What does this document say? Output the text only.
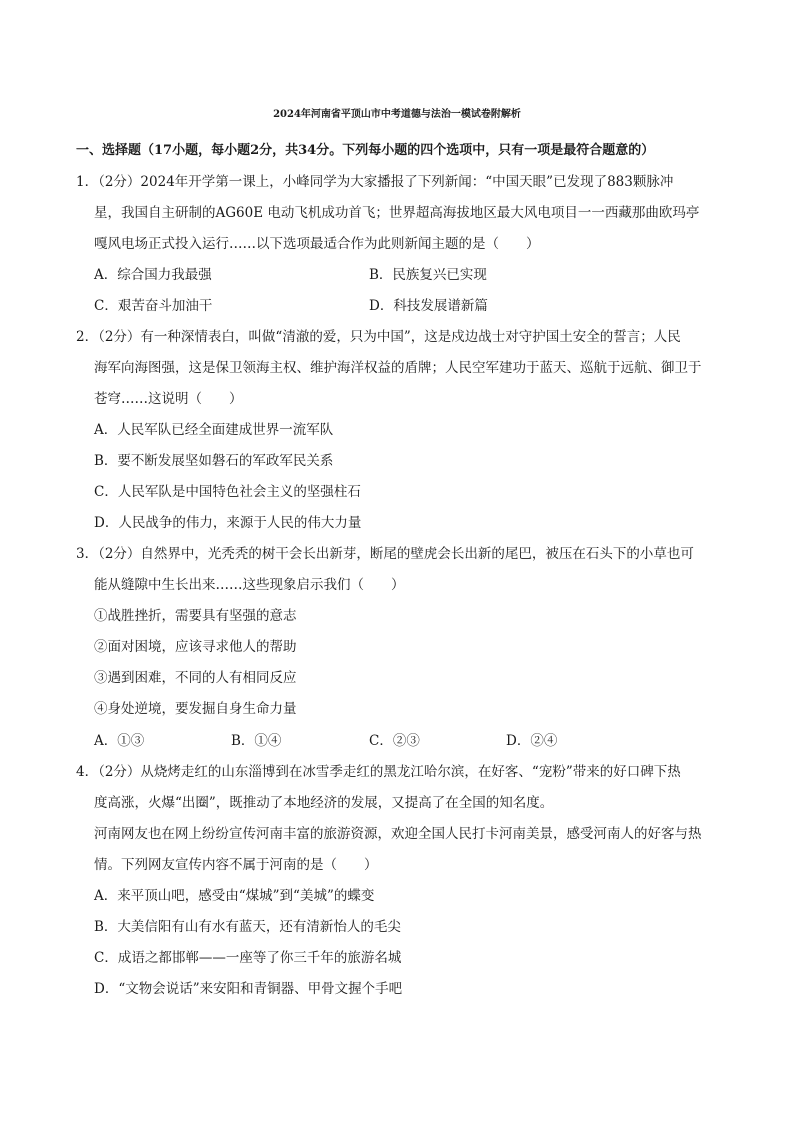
2024年河南省平顶山市中考道德与法治一模试卷附解析
一、选择题（17小题，每小题2分，共34分。下列每小题的四个选项中，只有一项是最符合题意的）
1．（2分）2024年开学第一课上，小峰同学为大家播报了下列新闻：“中国天眼”已发现了883颗脉冲
星，我国自主研制的AG60E 电动飞机成功首飞；世界超高海拔地区最大风电项目一一西藏那曲欧玛亭
嘎风电场正式投入运行……以下选项最适合作为此则新闻主题的是（　　）
A．综合国力我最强	B．民族复兴已实现
C．艰苦奋斗加油干	D．科技发展谱新篇
2．（2分）有一种深情表白，叫做“清澈的爱，只为中国”，这是戍边战士对守护国土安全的誓言；人民
海军向海图强，这是保卫领海主权、维护海洋权益的盾牌；人民空军建功于蓝天、巡航于远航、御卫于
苍穹……这说明（　　）
A．人民军队已经全面建成世界一流军队
B．要不断发展坚如磐石的军政军民关系
C．人民军队是中国特色社会主义的坚强柱石
D．人民战争的伟力，来源于人民的伟大力量
3．（2分）自然界中，光秃秃的树干会长出新芽，断尾的壁虎会长出新的尾巴，被压在石头下的小草也可
能从缝隙中生长出来……这些现象启示我们（　　）
①战胜挫折，需要具有坚强的意志
②面对困境，应该寻求他人的帮助
③遇到困难，不同的人有相同反应
④身处逆境，要发掘自身生命力量
A．①③	B．①④	C．②③	D．②④
4．（2分）从烧烤走红的山东淄博到在冰雪季走红的黑龙江哈尔滨，在好客、“宠粉”带来的好口碑下热
度高涨，火爆“出圈”，既推动了本地经济的发展，又提高了在全国的知名度。
河南网友也在网上纷纷宣传河南丰富的旅游资源，欢迎全国人民打卡河南美景，感受河南人的好客与热
情。下列网友宣传内容不属于河南的是（　　）
A．来平顶山吧，感受由“煤城”到“美城”的蝶变
B．大美信阳有山有水有蓝天，还有清新怡人的毛尖
C．成语之都邯郸——一座等了你三千年的旅游名城
D．“文物会说话”来安阳和青铜器、甲骨文握个手吧
